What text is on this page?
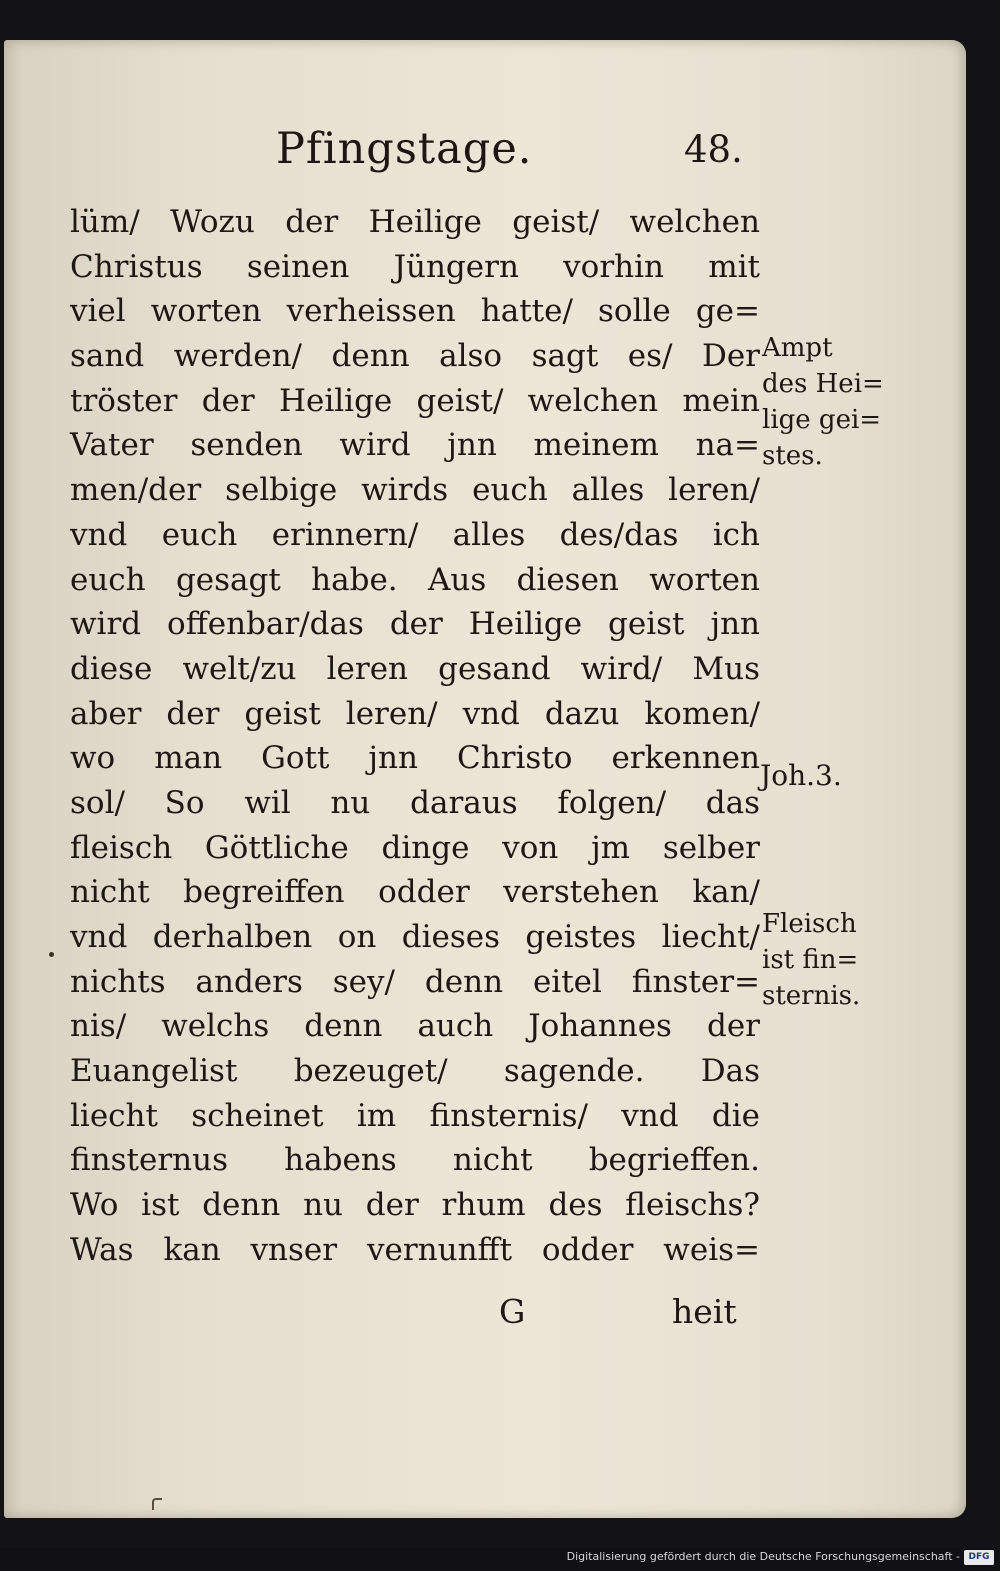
Pfingstage.	48.
lüm/ Wozu der Heilige geist/ welchen
Christus seinen Jüngern vorhin mit
viel worten verheissen hatte/ solle ge=
sand werden/ denn also sagt es/ Der
tröster der Heilige geist/ welchen mein
Vater senden wird jnn meinem na=
men/der selbige wirds euch alles leren/
vnd euch erinnern/ alles des/das ich
euch gesagt habe. Aus diesen worten
wird offenbar/das der Heilige geist jnn
diese welt/zu leren gesand wird/ Mus
aber der geist leren/ vnd dazu komen/
wo man Gott jnn Christo erkennen
sol/ So wil nu daraus folgen/ das
fleisch Göttliche dinge von jm selber
nicht begreiffen odder verstehen kan/
vnd derhalben on dieses geistes liecht/
nichts anders sey/ denn eitel finster=
nis/ welchs denn auch Johannes der
Euangelist bezeuget/ sagende. Das
liecht scheinet im finsternis/ vnd die
finsternus habens nicht begrieffen.
Wo ist denn nu der rhum des fleischs?
Was kan vnser vernunfft odder weis=
Ampt
des Hei=
lige gei=
stes.
Joh.3.
Fleisch
ist fin=
sternis.
G	heit
Digitalisierung gefördert durch die Deutsche Forschungsgemeinschaft - DFG
